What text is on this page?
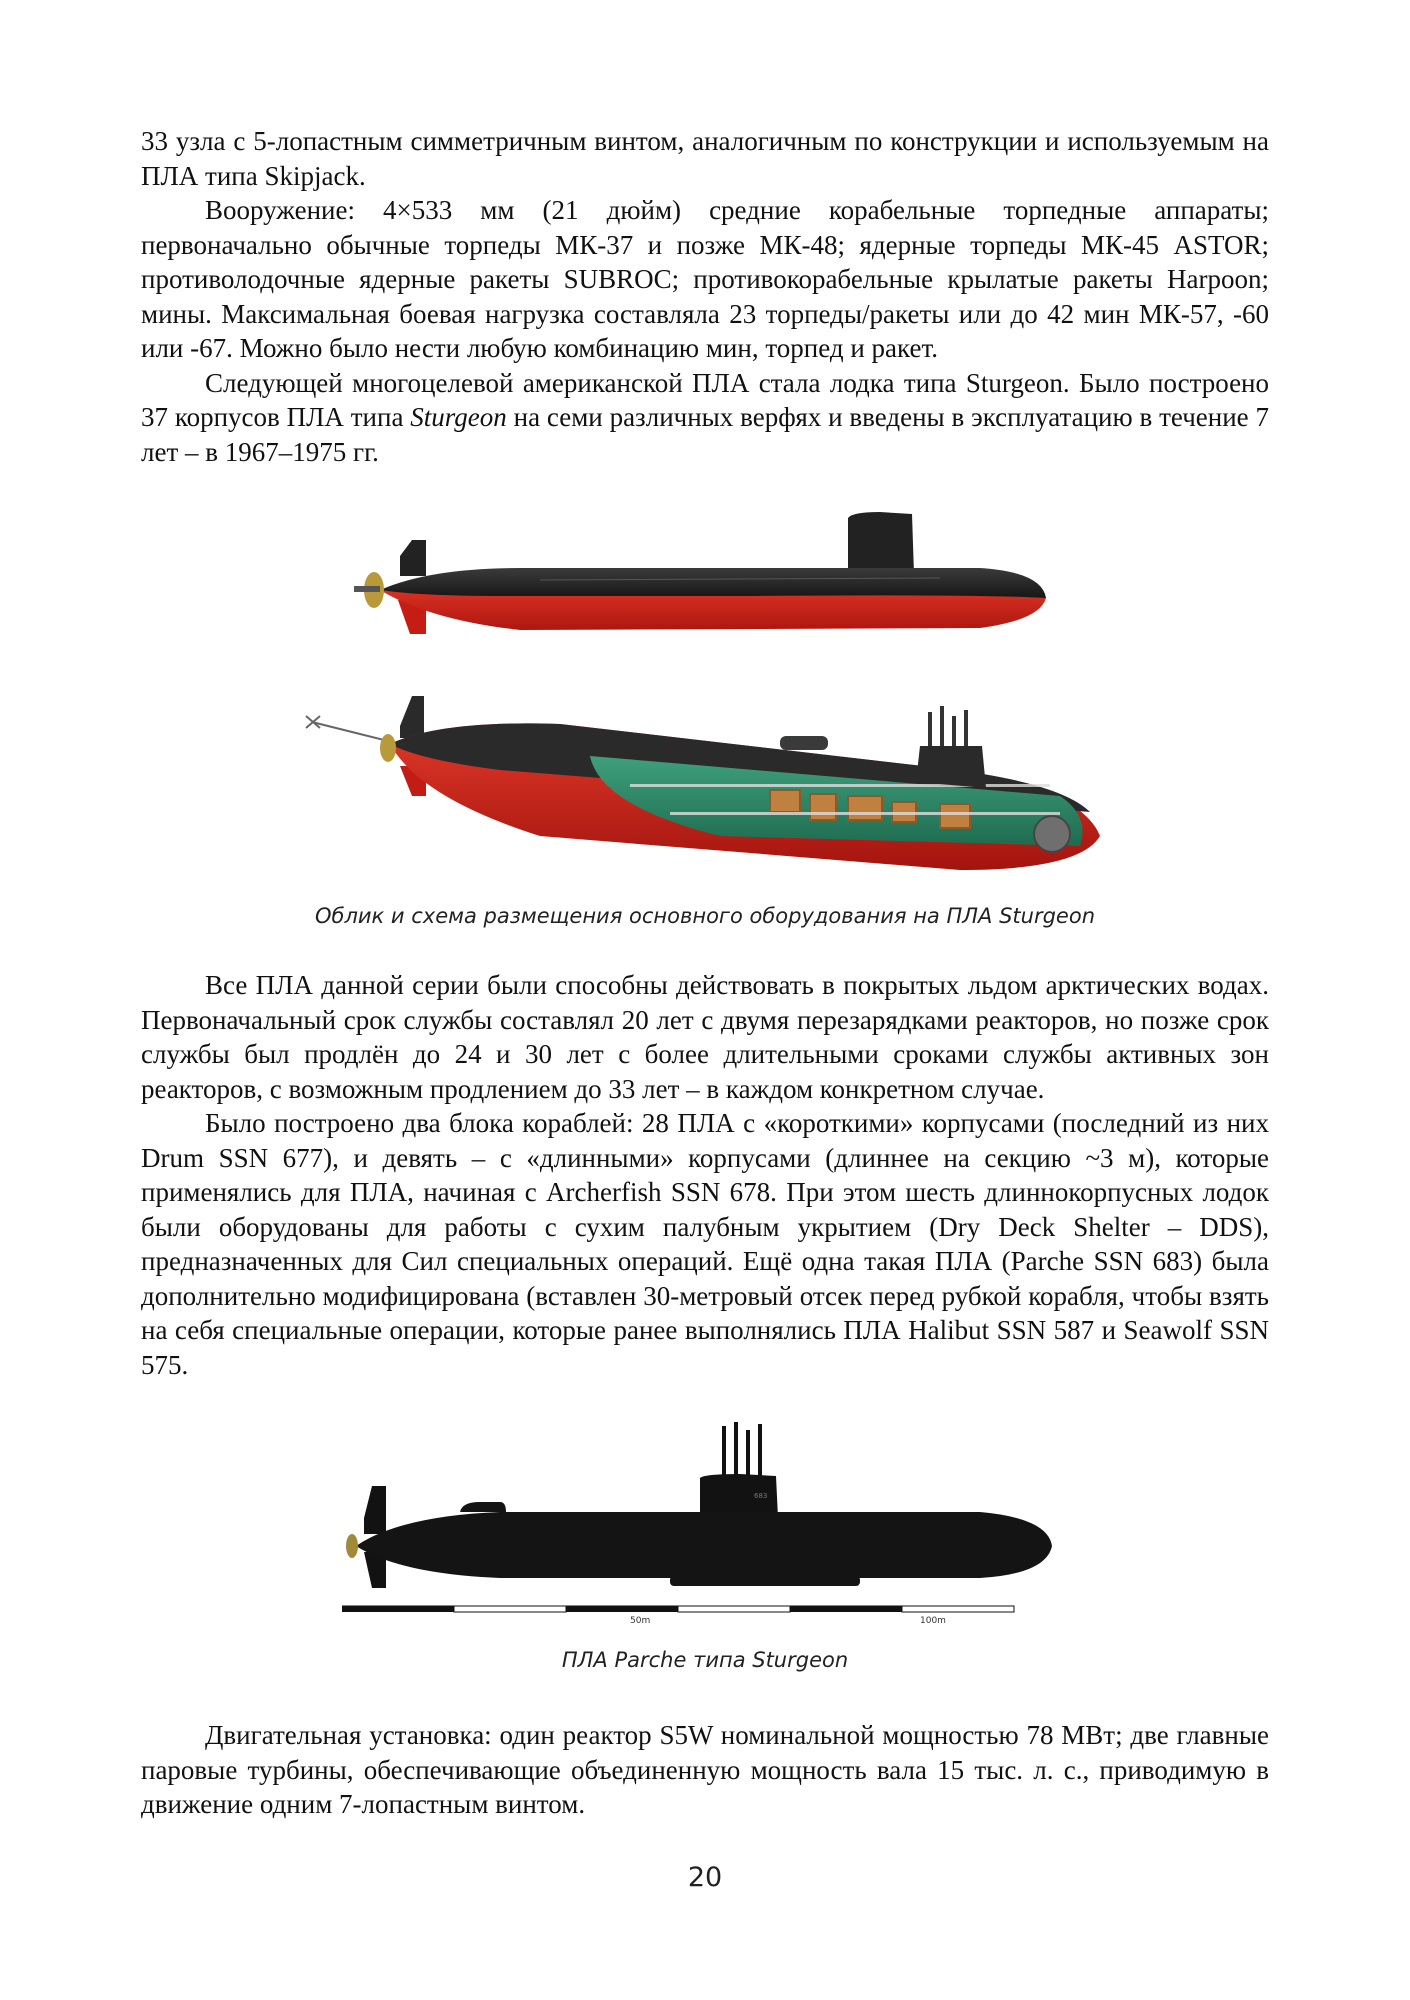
33 узла с 5-лопастным симметричным винтом, аналогичным по конструкции и используемым на ПЛА типа Skipjack.

Вооружение: 4×533 мм (21 дюйм) средние корабельные торпедные аппараты; первоначально обычные торпеды МК-37 и позже МК-48; ядерные торпеды МК-45 ASTOR; противолодочные ядерные ракеты SUBROC; противокорабельные крылатые ракеты Harpoon; мины. Максимальная боевая нагрузка составляла 23 торпеды/ракеты или до 42 мин МК-57, -60 или -67. Можно было нести любую комбинацию мин, торпед и ракет.

Следующей многоцелевой американской ПЛА стала лодка типа Sturgeon. Было построено 37 корпусов ПЛА типа Sturgeon на семи различных верфях и введены в эксплуатацию в течение 7 лет – в 1967–1975 гг.

Облик и схема размещения основного оборудования на ПЛА Sturgeon

Все ПЛА данной серии были способны действовать в покрытых льдом арктических водах. Первоначальный срок службы составлял 20 лет с двумя перезарядками реакторов, но позже срок службы был продлён до 24 и 30 лет с более длительными сроками службы активных зон реакторов, с возможным продлением до 33 лет – в каждом конкретном случае.

Было построено два блока кораблей: 28 ПЛА с «короткими» корпусами (последний из них Drum SSN 677), и девять – с «длинными» корпусами (длиннее на секцию ~3 м), которые применялись для ПЛА, начиная с Archerfish SSN 678. При этом шесть длиннокорпусных лодок были оборудованы для работы с сухим палубным укрытием (Dry Deck Shelter – DDS), предназначенных для Сил специальных операций. Ещё одна такая ПЛА (Parche SSN 683) была дополнительно модифицирована (вставлен 30-метровый отсек перед рубкой корабля, чтобы взять на себя специальные операции, которые ранее выполнялись ПЛА Halibut SSN 587 и Seawolf SSN 575.

683
50m	100m
ПЛА Parche типа Sturgeon

Двигательная установка: один реактор S5W номинальной мощностью 78 МВт; две главные паровые турбины, обеспечивающие объединенную мощность вала 15 тыс. л. с., приводимую в движение одним 7-лопастным винтом.

20
